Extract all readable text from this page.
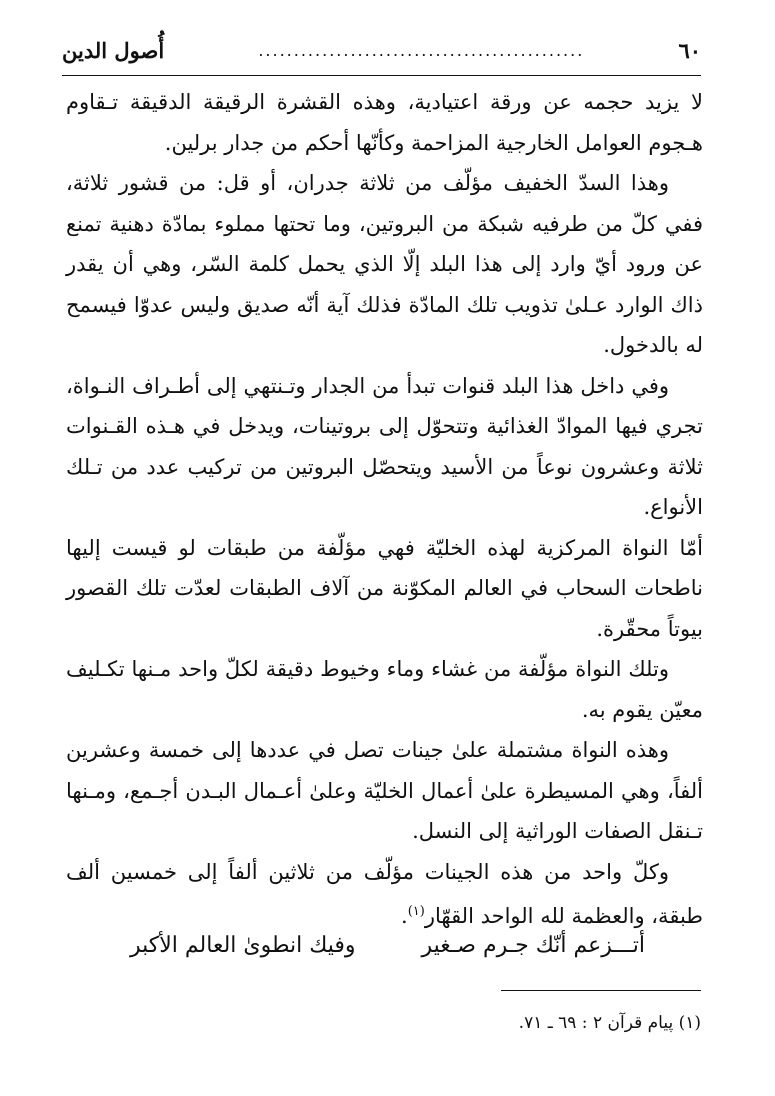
٦٠
..............................................
أُصول الدين

لا يزيد حجمه عن ورقة اعتيادية، وهذه القشرة الرقيقة الدقيقة تـقاوم هـجوم العوامل الخارجية المزاحمة وكأنّها أحكم من جدار برلين.

وهذا السدّ الخفيف مؤلّف من ثلاثة جدران، أو قل: من قشور ثلاثة، ففي كلّ من طرفيه شبكة من البروتين، وما تحتها مملوء بمادّة دهنية تمنع عن ورود أيّ وارد إلى هذا البلد إلّا الذي يحمل كلمة السّر، وهي أن يقدر ذاك الوارد عـلىٰ تذويب تلك المادّة فذلك آية أنّه صديق وليس عدوّا فيسمح له بالدخول.

وفي داخل هذا البلد قنوات تبدأ من الجدار وتـنتهي إلى أطـراف النـواة، تجري فيها الموادّ الغذائية وتتحوّل إلى بروتينات، ويدخل في هـذه القـنوات ثلاثة وعشرون نوعاً من الأسيد ويتحصّل البروتين من تركيب عدد من تـلك الأنواع.

أمّا النواة المركزية لهذه الخليّة فهي مؤلّفة من طبقات لو قيست إليها ناطحات السحاب في العالم المكوّنة من آلاف الطبقات لعدّت تلك القصور بيوتاً محقّرة.

وتلك النواة مؤلّفة من غشاء وماء وخيوط دقيقة لكلّ واحد مـنها تكـليف معيّن يقوم به.

وهذه النواة مشتملة علىٰ جينات تصل في عددها إلى خمسة وعشرين ألفاً، وهي المسيطرة علىٰ أعمال الخليّة وعلىٰ أعـمال البـدن أجـمع، ومـنها تـنقل الصفات الوراثية إلى النسل.

وكلّ واحد من هذه الجينات مؤلّف من ثلاثين ألفاً إلى خمسين ألف طبقة، والعظمة لله الواحد القهّار$^{(١)}$.

أتـــزعم أنّك جـرم صـغير
وفيك انطوىٰ العالم الأكبر
(١) پيام قرآن ٢ : ٦٩ ـ ٧١.
